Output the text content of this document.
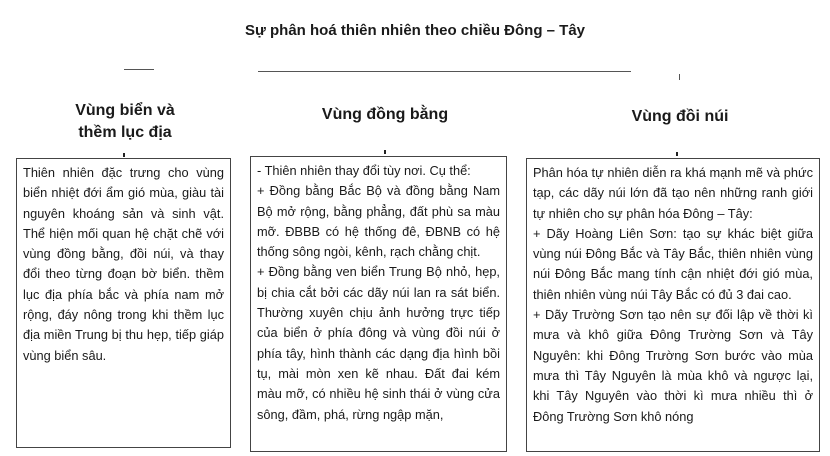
Sự phân hoá thiên nhiên theo chiều Đông – Tây
Vùng biển và
thềm lục địa

Thiên nhiên đặc trưng cho vùng biển nhiệt đới ẩm gió mùa, giàu tài nguyên khoáng sản và sinh vật. Thể hiện mối quan hệ chặt chẽ với vùng đồng bằng, đồi núi, và thay đổi theo từng đoạn bờ biển. thềm lục địa phía bắc và phía nam mở rộng, đáy nông trong khi thềm lục địa miền Trung bị thu hẹp, tiếp giáp vùng biển sâu.

Vùng đồng bằng

- Thiên nhiên thay đổi tùy nơi. Cụ thể:

+ Đồng bằng Bắc Bộ và đồng bằng Nam Bộ mở rộng, bằng phẳng, đất phù sa màu mỡ. ĐBBB có hệ thống đê, ĐBNB có hệ thống sông ngòi, kênh, rạch chằng chịt.

+ Đồng bằng ven biển Trung Bộ nhỏ, hẹp, bị chia cắt bởi các dãy núi lan ra sát biển. Thường xuyên chịu ảnh hưởng trực tiếp của biển ở phía đông và vùng đồi núi ở phía tây, hình thành các dạng địa hình bồi tụ, mài mòn xen kẽ nhau. Đất đai kém màu mỡ, có nhiều hệ sinh thái ở vùng cửa sông, đầm, phá, rừng ngập mặn,

Vùng đồi núi

Phân hóa tự nhiên diễn ra khá mạnh mẽ và phức tạp, các dãy núi lớn đã tạo nên những ranh giới tự nhiên cho sự phân hóa Đông – Tây:

+ Dãy Hoàng Liên Sơn: tạo sự khác biệt giữa vùng núi Đông Bắc và Tây Bắc, thiên nhiên vùng núi Đông Bắc mang tính cận nhiệt đới gió mùa, thiên nhiên vùng núi Tây Bắc có đủ 3 đai cao.

+ Dãy Trường Sơn tạo nên sự đối lập về thời kì mưa và khô giữa Đông Trường Sơn và Tây Nguyên: khi Đông Trường Sơn bước vào mùa mưa thì Tây Nguyên là mùa khô và ngược lại, khi Tây Nguyên vào thời kì mưa nhiều thì ở Đông Trường Sơn khô nóng
